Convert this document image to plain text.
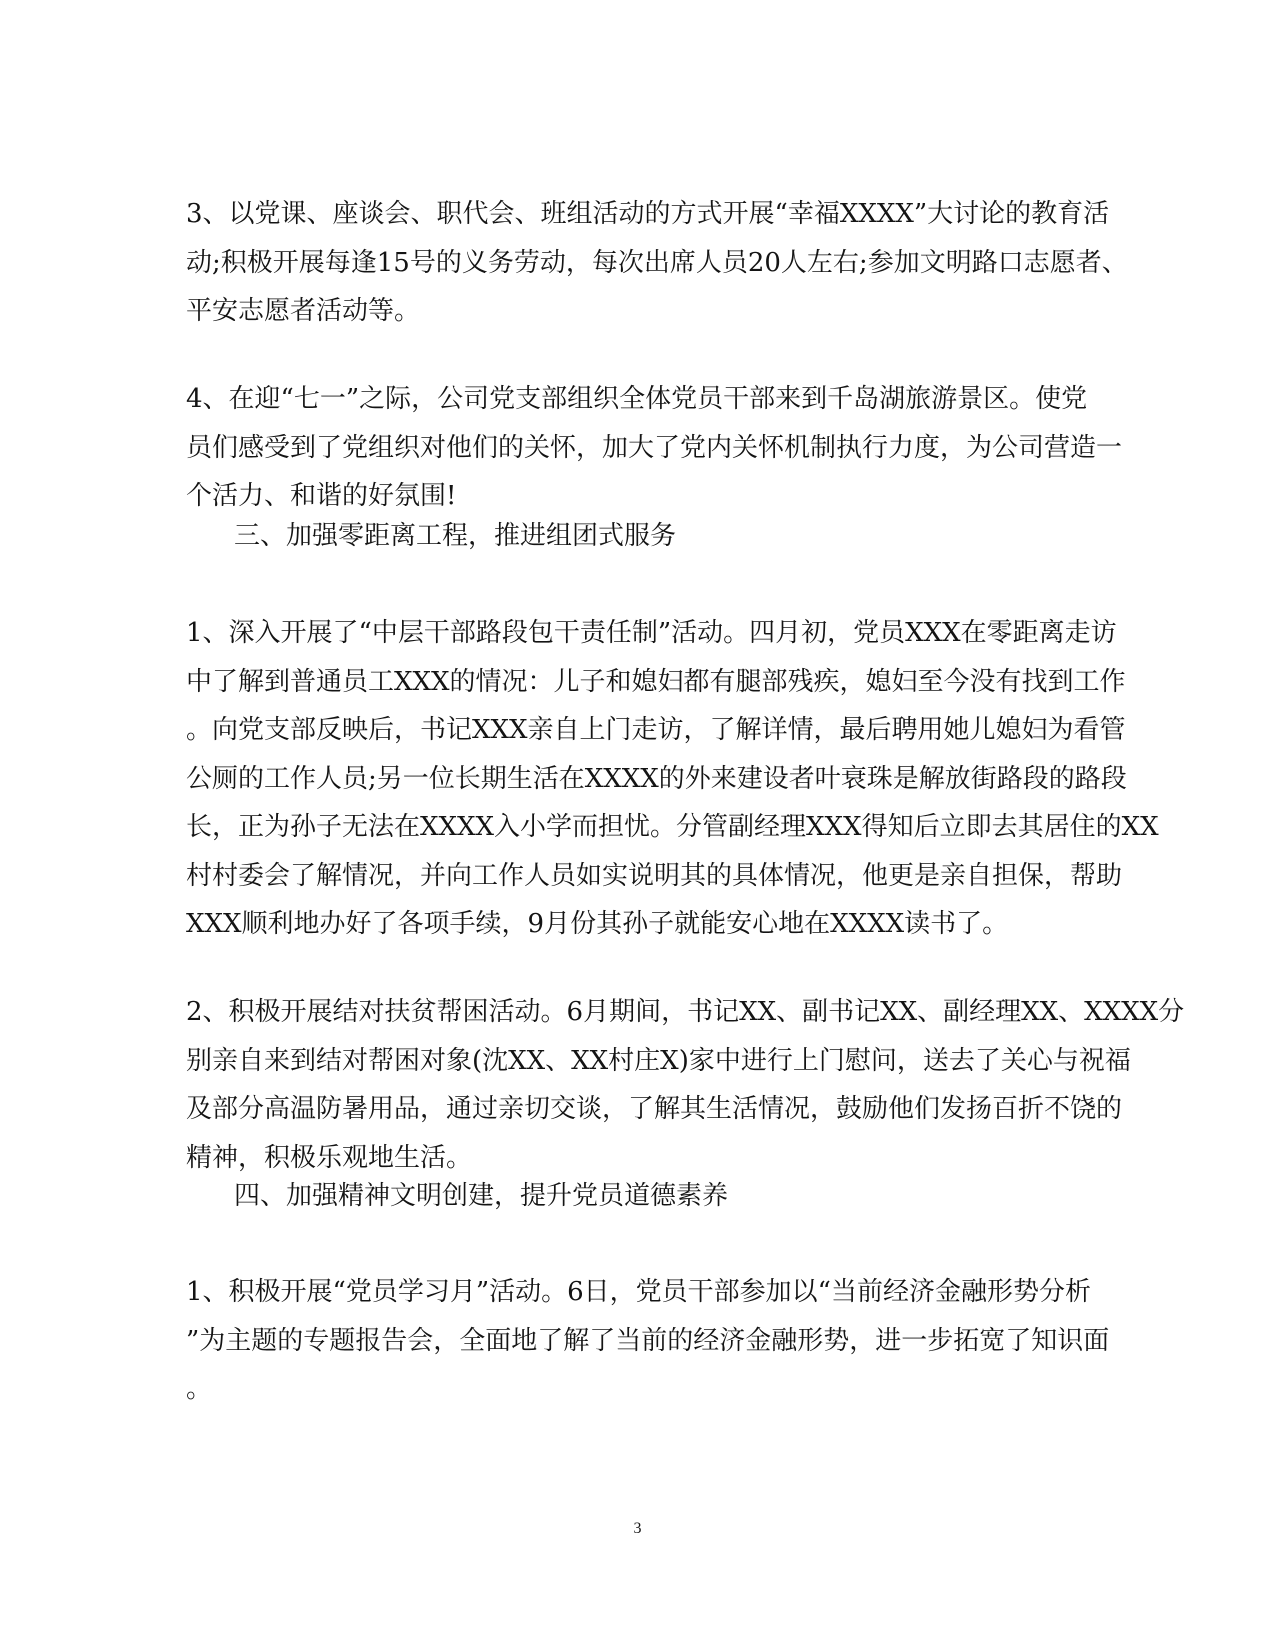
3、以党课、座谈会、职代会、班组活动的方式开展“幸福XXXX”大讨论的教育活
动;积极开展每逢15号的义务劳动，每次出席人员20人左右;参加文明路口志愿者、
平安志愿者活动等。
4、在迎“七一”之际，公司党支部组织全体党员干部来到千岛湖旅游景区。使党
员们感受到了党组织对他们的关怀，加大了党内关怀机制执行力度，为公司营造一
个活力、和谐的好氛围!
三、加强零距离工程，推进组团式服务
1、深入开展了“中层干部路段包干责任制”活动。四月初，党员XXX在零距离走访
中了解到普通员工XXX的情况：儿子和媳妇都有腿部残疾，媳妇至今没有找到工作
。向党支部反映后，书记XXX亲自上门走访，了解详情，最后聘用她儿媳妇为看管
公厕的工作人员;另一位长期生活在XXXX的外来建设者叶衰珠是解放街路段的路段
长，正为孙子无法在XXXX入小学而担忧。分管副经理XXX得知后立即去其居住的XX
村村委会了解情况，并向工作人员如实说明其的具体情况，他更是亲自担保，帮助
XXX顺利地办好了各项手续，9月份其孙子就能安心地在XXXX读书了。
2、积极开展结对扶贫帮困活动。6月期间，书记XX、副书记XX、副经理XX、XXXX分
别亲自来到结对帮困对象(沈XX、XX村庄X)家中进行上门慰问，送去了关心与祝福
及部分高温防暑用品，通过亲切交谈，了解其生活情况，鼓励他们发扬百折不饶的
精神，积极乐观地生活。
四、加强精神文明创建，提升党员道德素养
1、积极开展“党员学习月”活动。6日，党员干部参加以“当前经济金融形势分析
”为主题的专题报告会，全面地了解了当前的经济金融形势，进一步拓宽了知识面
。
3
